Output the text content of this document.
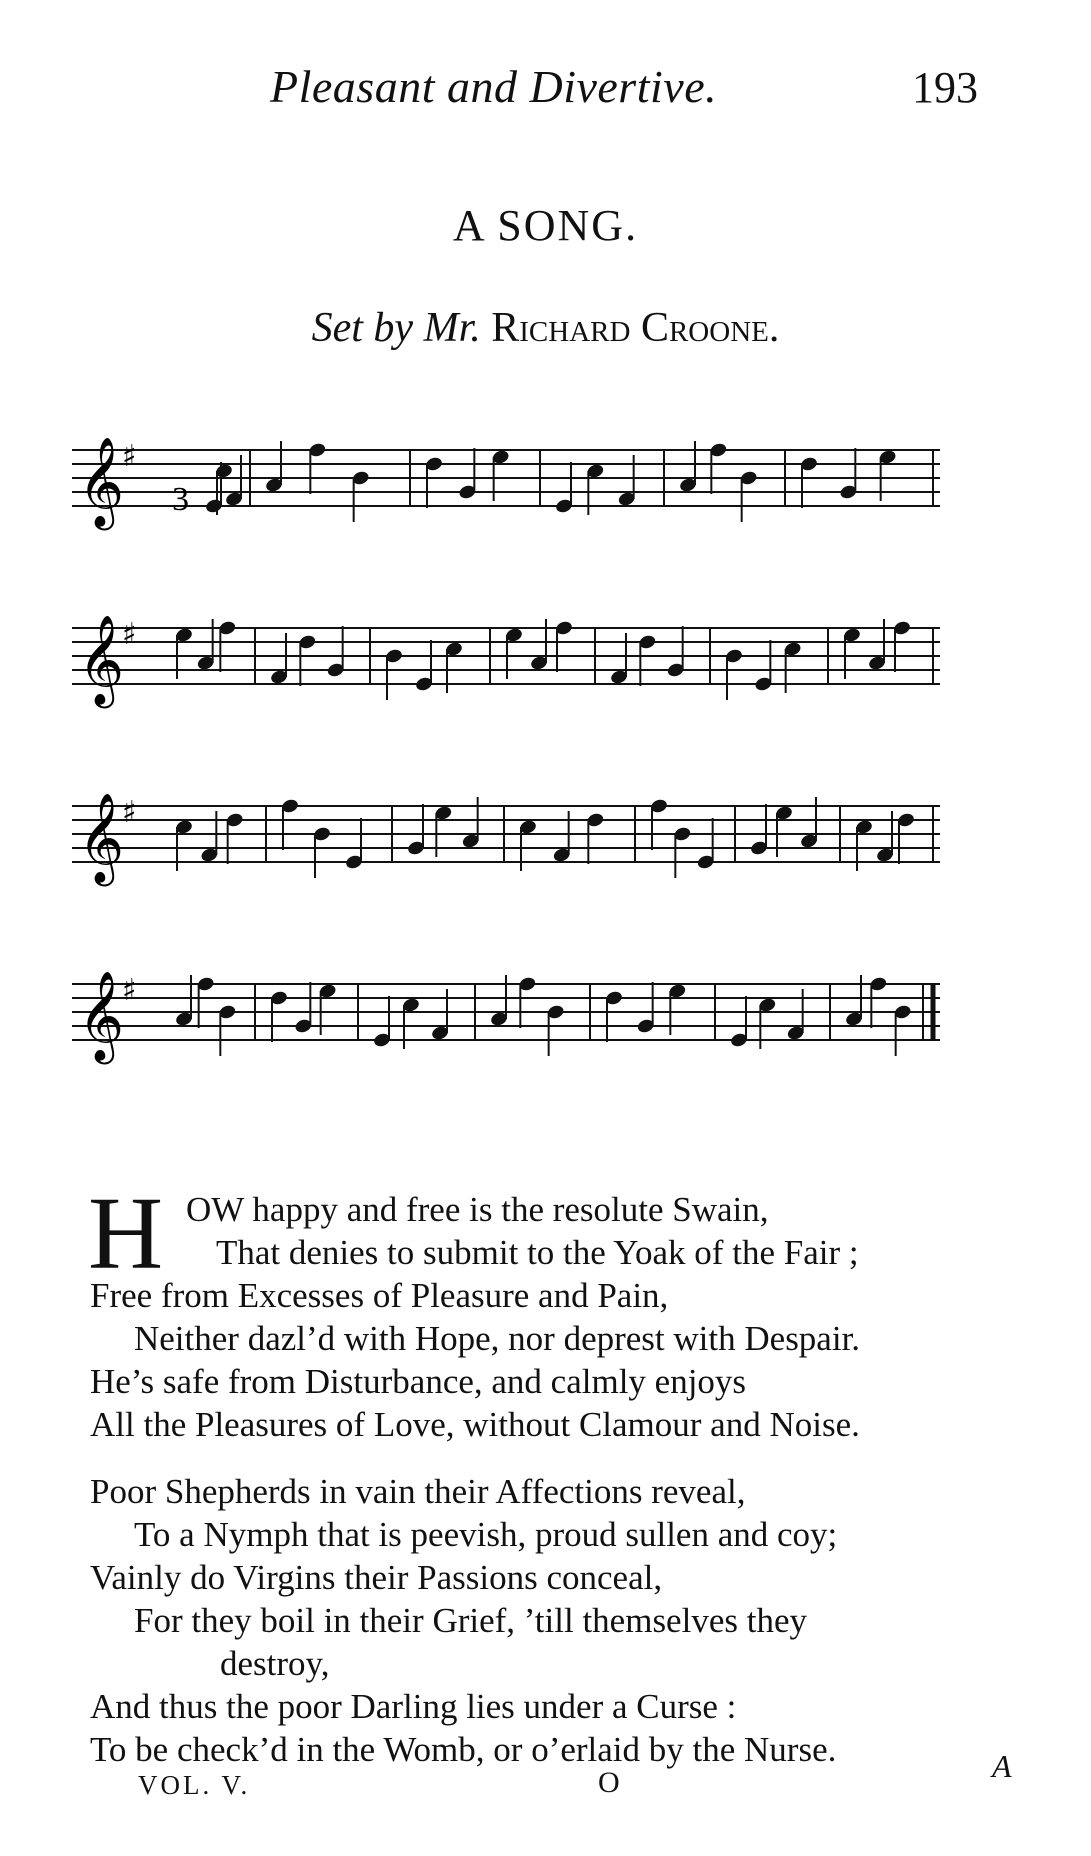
Pleasant and Divertive.	193
A SONG.
Set by Mr. Richard Croone.
𝄞
𝄞
𝄞
𝄞
♯
♯
♯
♯
3
H OW happy and free is the resolute Swain,
That denies to submit to the Yoak of the Fair ;
Free from Excesses of Pleasure and Pain,
Neither dazl’d with Hope, nor deprest with Despair.
He’s safe from Disturbance, and calmly enjoys
All the Pleasures of Love, without Clamour and Noise.
Poor Shepherds in vain their Affections reveal,
To a Nymph that is peevish, proud sullen and coy;
Vainly do Virgins their Passions conceal,
For they boil in their Grief, ’till themselves they
destroy,
And thus the poor Darling lies under a Curse :
To be check’d in the Womb, or o’erlaid by the Nurse.
VOL. V.	O	A
